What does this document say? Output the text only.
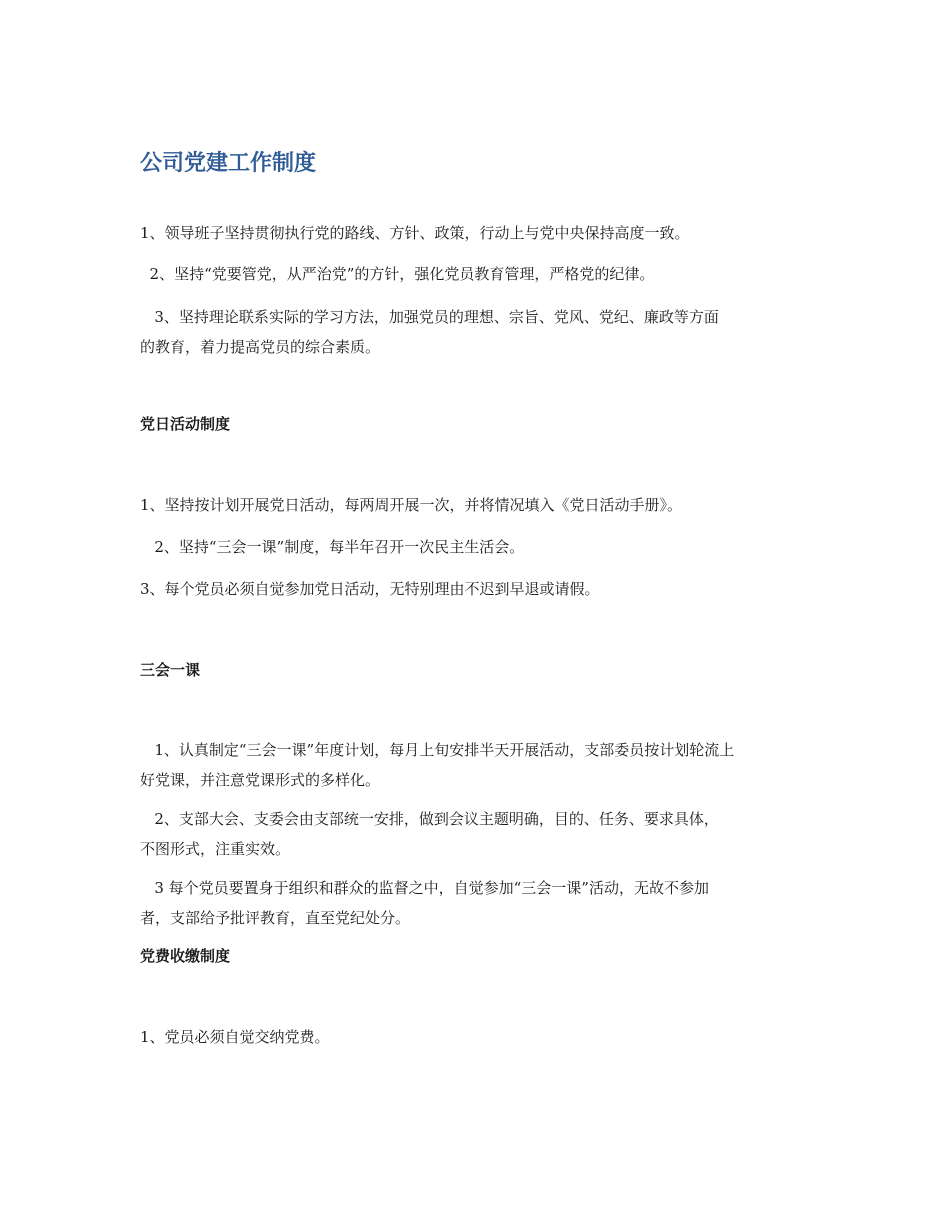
公司党建工作制度

1、领导班子坚持贯彻执行党的路线、方针、政策，行动上与党中央保持高度一致。

2、坚持“党要管党，从严治党”的方针，强化党员教育管理，严格党的纪律。

3、坚持理论联系实际的学习方法，加强党员的理想、宗旨、党风、党纪、廉政等方面
的教育，着力提高党员的综合素质。

党日活动制度

1、坚持按计划开展党日活动，每两周开展一次，并将情况填入《党日活动手册》。

2、坚持“三会一课”制度，每半年召开一次民主生活会。

3、每个党员必须自觉参加党日活动，无特别理由不迟到早退或请假。

三会一课

1、认真制定“三会一课”年度计划，每月上旬安排半天开展活动，支部委员按计划轮流上
好党课，并注意党课形式的多样化。

2、支部大会、支委会由支部统一安排，做到会议主题明确，目的、任务、要求具体，
不图形式，注重实效。

3 每个党员要置身于组织和群众的监督之中，自觉参加“三会一课”活动，无故不参加
者，支部给予批评教育，直至党纪处分。

党费收缴制度

1、党员必须自觉交纳党费。
